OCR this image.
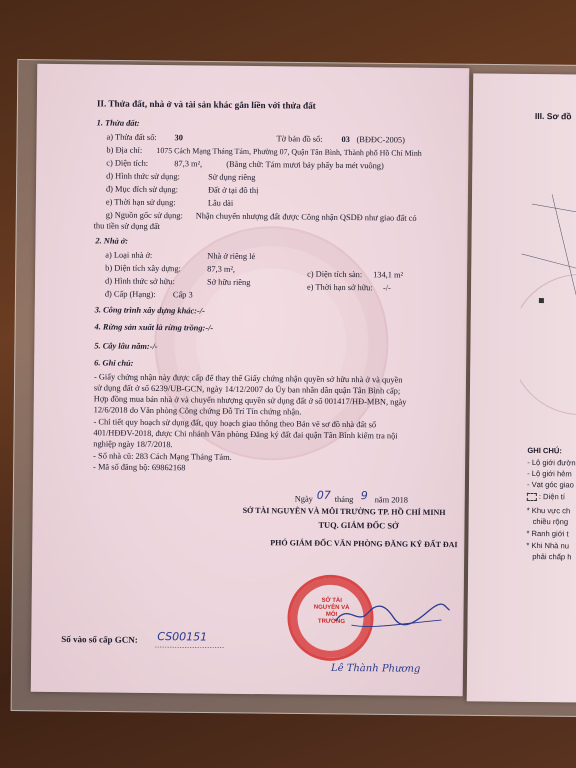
II. Thửa đất, nhà ở và tài sản khác gắn liền với thửa đất
1. Thửa đất:
a) Thửa đất số: 30	Tờ bản đồ số: 03 (BĐĐC-2005)
b) Địa chỉ: 1075 Cách Mạng Tháng Tám, Phường 07, Quận Tân Bình, Thành phố Hồ Chí Minh
c) Diện tích:	87,3 m²,	(Bằng chữ: Tám mươi bảy phẩy ba mét vuông)
d) Hình thức sử dụng:	Sử dụng riêng
đ) Mục đích sử dụng:	Đất ở tại đô thị
e) Thời hạn sử dụng:	Lâu dài
g) Nguồn gốc sử dụng: Nhận chuyển nhượng đất được Công nhận QSDĐ như giao đất có
thu tiền sử dụng đất
2. Nhà ở:
a) Loại nhà ở:	Nhà ở riêng lẻ
b) Diện tích xây dựng:	87,3 m²,
c) Diện tích sàn: 134,1 m²
d) Hình thức sở hữu:	Sở hữu riêng
e) Thời hạn sở hữu: -/-
đ) Cấp (Hạng): Cấp 3
3. Công trình xây dựng khác:-/-
4. Rừng sản xuất là rừng trồng:-/-
5. Cây lâu năm:-/-
6. Ghi chú:
- Giấy chứng nhận này được cấp để thay thế Giấy chứng nhận quyền sở hữu nhà ở và quyền
sử dụng đất ở số 6239/UB-GCN, ngày 14/12/2007 do Ủy ban nhân dân quận Tân Bình cấp;
Hợp đồng mua bán nhà ở và chuyển nhượng quyền sử dụng đất ở số 001417/HĐ-MBN, ngày
12/6/2018 do Văn phòng Công chứng Đỗ Trí Tín chứng nhận.
- Chỉ tiết quy hoạch sử dụng đất, quy hoạch giao thông theo Bản vẽ sơ đồ nhà đất số
401/HĐĐV-2018, được Chi nhánh Văn phòng Đăng ký đất đai quận Tân Bình kiểm tra nội
nghiệp ngày 18/7/2018.
- Số nhà cũ: 283 Cách Mạng Tháng Tám.
- Mã số đăng bộ: 69862168
Ngày 07 tháng 9 năm 2018
SỞ TÀI NGUYÊN VÀ MÔI TRƯỜNG TP. HỒ CHÍ MINH
TUQ. GIÁM ĐỐC SỞ
PHÓ GIÁM ĐỐC VĂN PHÒNG ĐĂNG KÝ ĐẤT ĐAI
SỞ TÀI NGUYÊN VÀ MÔI TRƯỜNG
Lê Thành Phương
Số vào sổ cấp GCN: CS00151
III. Sơ đồ
GHI CHÚ:
- Lộ giới đườn
- Lộ giới hẻm
- Vạt góc giao
: Diện tí
* Khu vực ch
chiều rộng
* Ranh giới t
* Khi Nhà nu
phải chấp h
